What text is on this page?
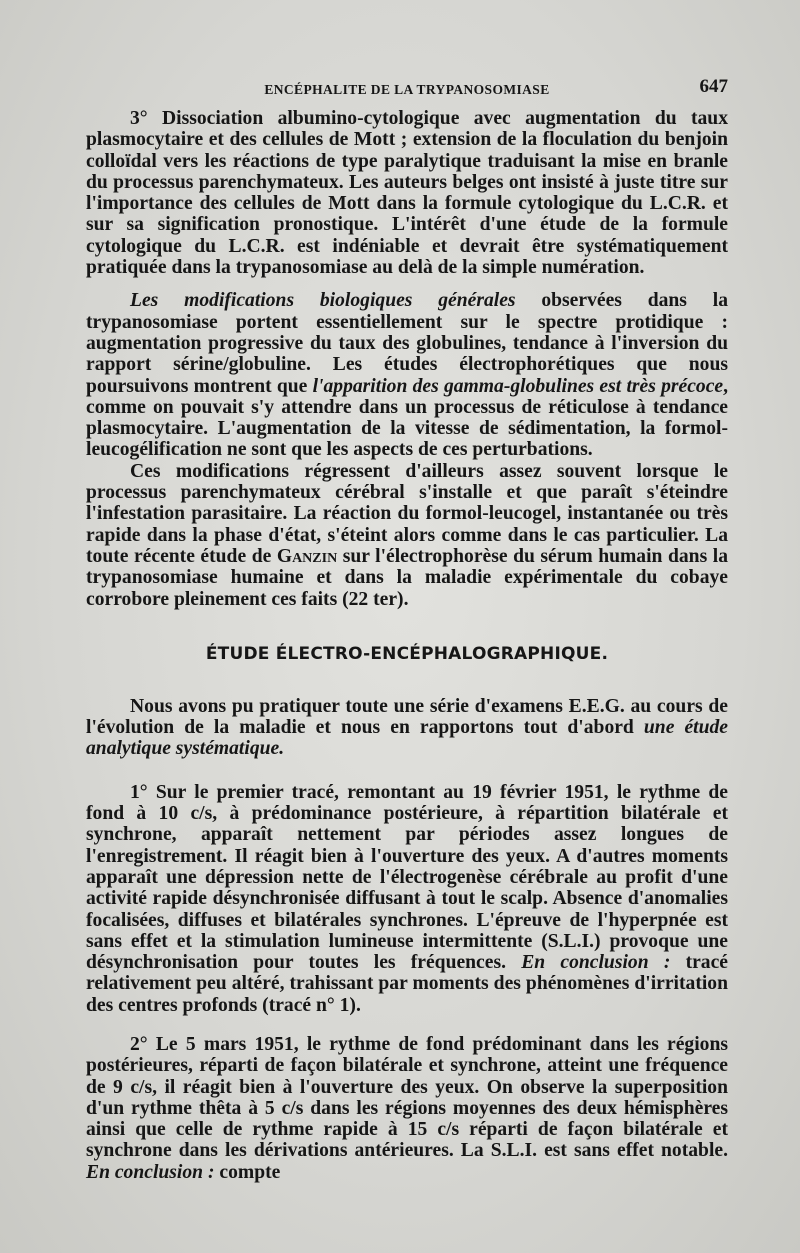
ENCÉPHALITE DE LA TRYPANOSOMIASE	647

3° Dissociation albumino-cytologique avec augmentation du taux plasmocytaire et des cellules de Mott ; extension de la floculation du benjoin colloïdal vers les réactions de type paralytique traduisant la mise en branle du processus parenchymateux. Les auteurs belges ont insisté à juste titre sur l'importance des cellules de Mott dans la formule cytologique du L.C.R. et sur sa signification pronostique. L'intérêt d'une étude de la formule cytologique du L.C.R. est indéniable et devrait être systématiquement pratiquée dans la trypanosomiase au delà de la simple numération.

Les modifications biologiques générales observées dans la trypanosomiase portent essentiellement sur le spectre protidique : augmentation progressive du taux des globulines, tendance à l'inversion du rapport sérine/globuline. Les études électrophorétiques que nous poursuivons montrent que l'apparition des gamma-globulines est très précoce, comme on pouvait s'y attendre dans un processus de réticulose à tendance plasmocytaire. L'augmentation de la vitesse de sédimentation, la formol-leucogélification ne sont que les aspects de ces perturbations.

Ces modifications régressent d'ailleurs assez souvent lorsque le processus parenchymateux cérébral s'installe et que paraît s'éteindre l'infestation parasitaire. La réaction du formol-leucogel, instantanée ou très rapide dans la phase d'état, s'éteint alors comme dans le cas particulier. La toute récente étude de Ganzin sur l'électrophorèse du sérum humain dans la trypanosomiase humaine et dans la maladie expérimentale du cobaye corrobore pleinement ces faits (22 ter).

ÉTUDE ÉLECTRO-ENCÉPHALOGRAPHIQUE.

Nous avons pu pratiquer toute une série d'examens E.E.G. au cours de l'évolution de la maladie et nous en rapportons tout d'abord une étude analytique systématique.

1° Sur le premier tracé, remontant au 19 février 1951, le rythme de fond à 10 c/s, à prédominance postérieure, à répartition bilatérale et synchrone, apparaît nettement par périodes assez longues de l'enregistrement. Il réagit bien à l'ouverture des yeux. A d'autres moments apparaît une dépression nette de l'électrogenèse cérébrale au profit d'une activité rapide désynchronisée diffusant à tout le scalp. Absence d'anomalies focalisées, diffuses et bilatérales synchrones. L'épreuve de l'hyperpnée est sans effet et la stimulation lumineuse intermittente (S.L.I.) provoque une désynchronisation pour toutes les fréquences. En conclusion : tracé relativement peu altéré, trahissant par moments des phénomènes d'irritation des centres profonds (tracé n° 1).

2° Le 5 mars 1951, le rythme de fond prédominant dans les régions postérieures, réparti de façon bilatérale et synchrone, atteint une fréquence de 9 c/s, il réagit bien à l'ouverture des yeux. On observe la superposition d'un rythme thêta à 5 c/s dans les régions moyennes des deux hémisphères ainsi que celle de rythme rapide à 15 c/s réparti de façon bilatérale et synchrone dans les dérivations antérieures. La S.L.I. est sans effet notable. En conclusion : compte
